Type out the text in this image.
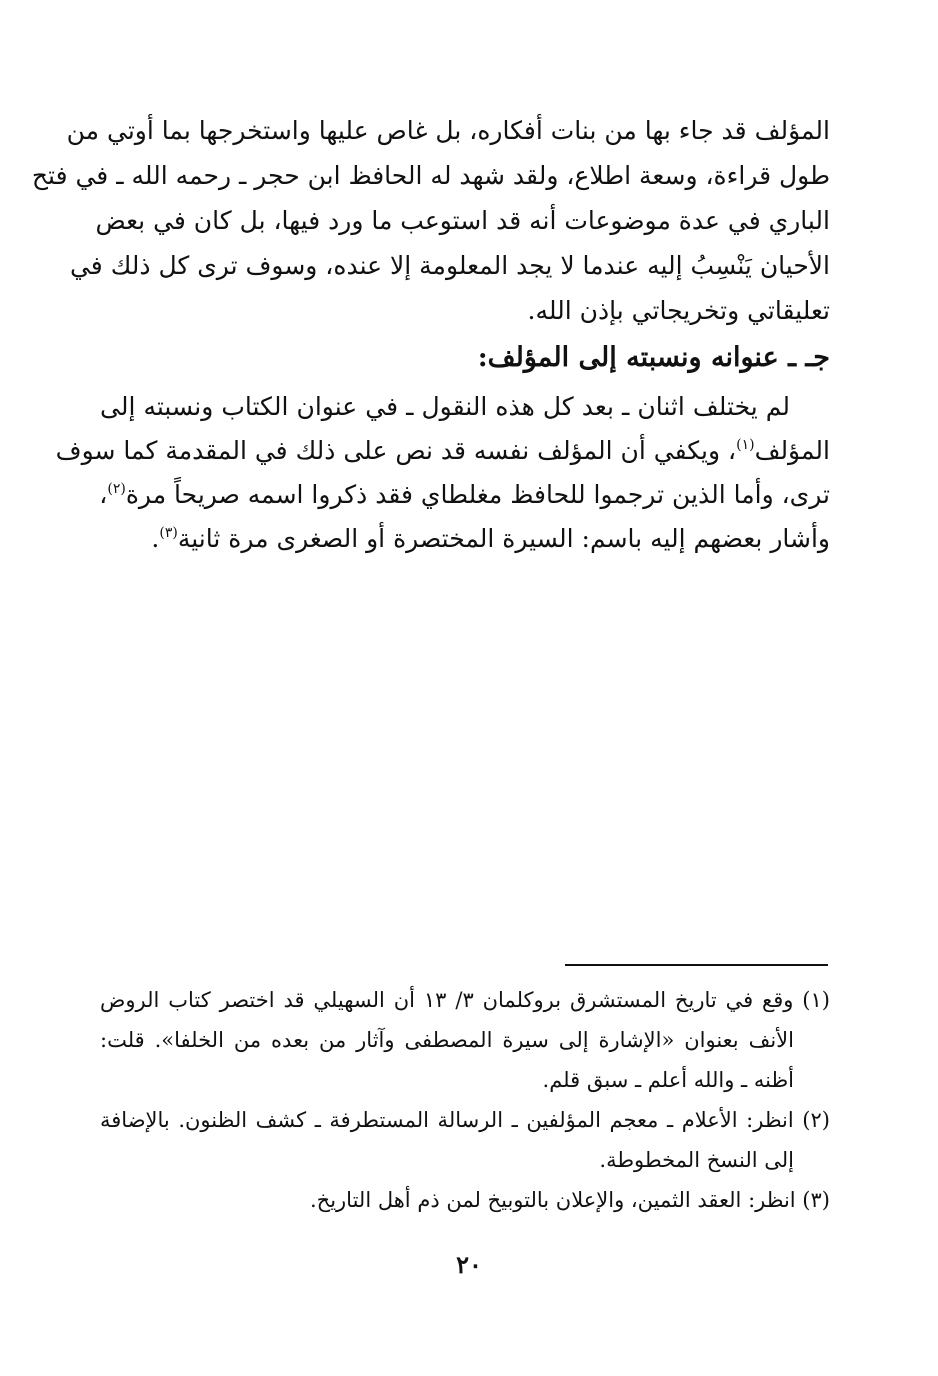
المؤلف قد جاء بها من بنات أفكاره، بل غاص عليها واستخرجها بما أوتي من
طول قراءة، وسعة اطلاع، ولقد شهد له الحافظ ابن حجر ـ رحمه الله ـ في فتح
الباري في عدة موضوعات أنه قد استوعب ما ورد فيها، بل كان في بعض
الأحيان يَنْسِبُ إليه عندما لا يجد المعلومة إلا عنده، وسوف ترى كل ذلك في
تعليقاتي وتخريجاتي بإذن الله.
جـ ـ عنوانه ونسبته إلى المؤلف:
لم يختلف اثنان ـ بعد كل هذه النقول ـ في عنوان الكتاب ونسبته إلى
المؤلف$^{(١)}$، ويكفي أن المؤلف نفسه قد نص على ذلك في المقدمة كما سوف
ترى، وأما الذين ترجموا للحافظ مغلطاي فقد ذكروا اسمه صريحاً مرة$^{(٢)}$،
وأشار بعضهم إليه باسم: السيرة المختصرة أو الصغرى مرة ثانية$^{(٣)}$.
(١) وقع في تاريخ المستشرق بروكلمان ٣/ ١٣ أن السهيلي قد اختصر كتاب الروض
الأنف بعنوان «الإشارة إلى سيرة المصطفى وآثار من بعده من الخلفا». قلت:
أظنه ـ والله أعلم ـ سبق قلم.
(٢) انظر: الأعلام ـ معجم المؤلفين ـ الرسالة المستطرفة ـ كشف الظنون. بالإضافة
إلى النسخ المخطوطة.
(٣) انظر: العقد الثمين، والإعلان بالتوبيخ لمن ذم أهل التاريخ.
٢٠
